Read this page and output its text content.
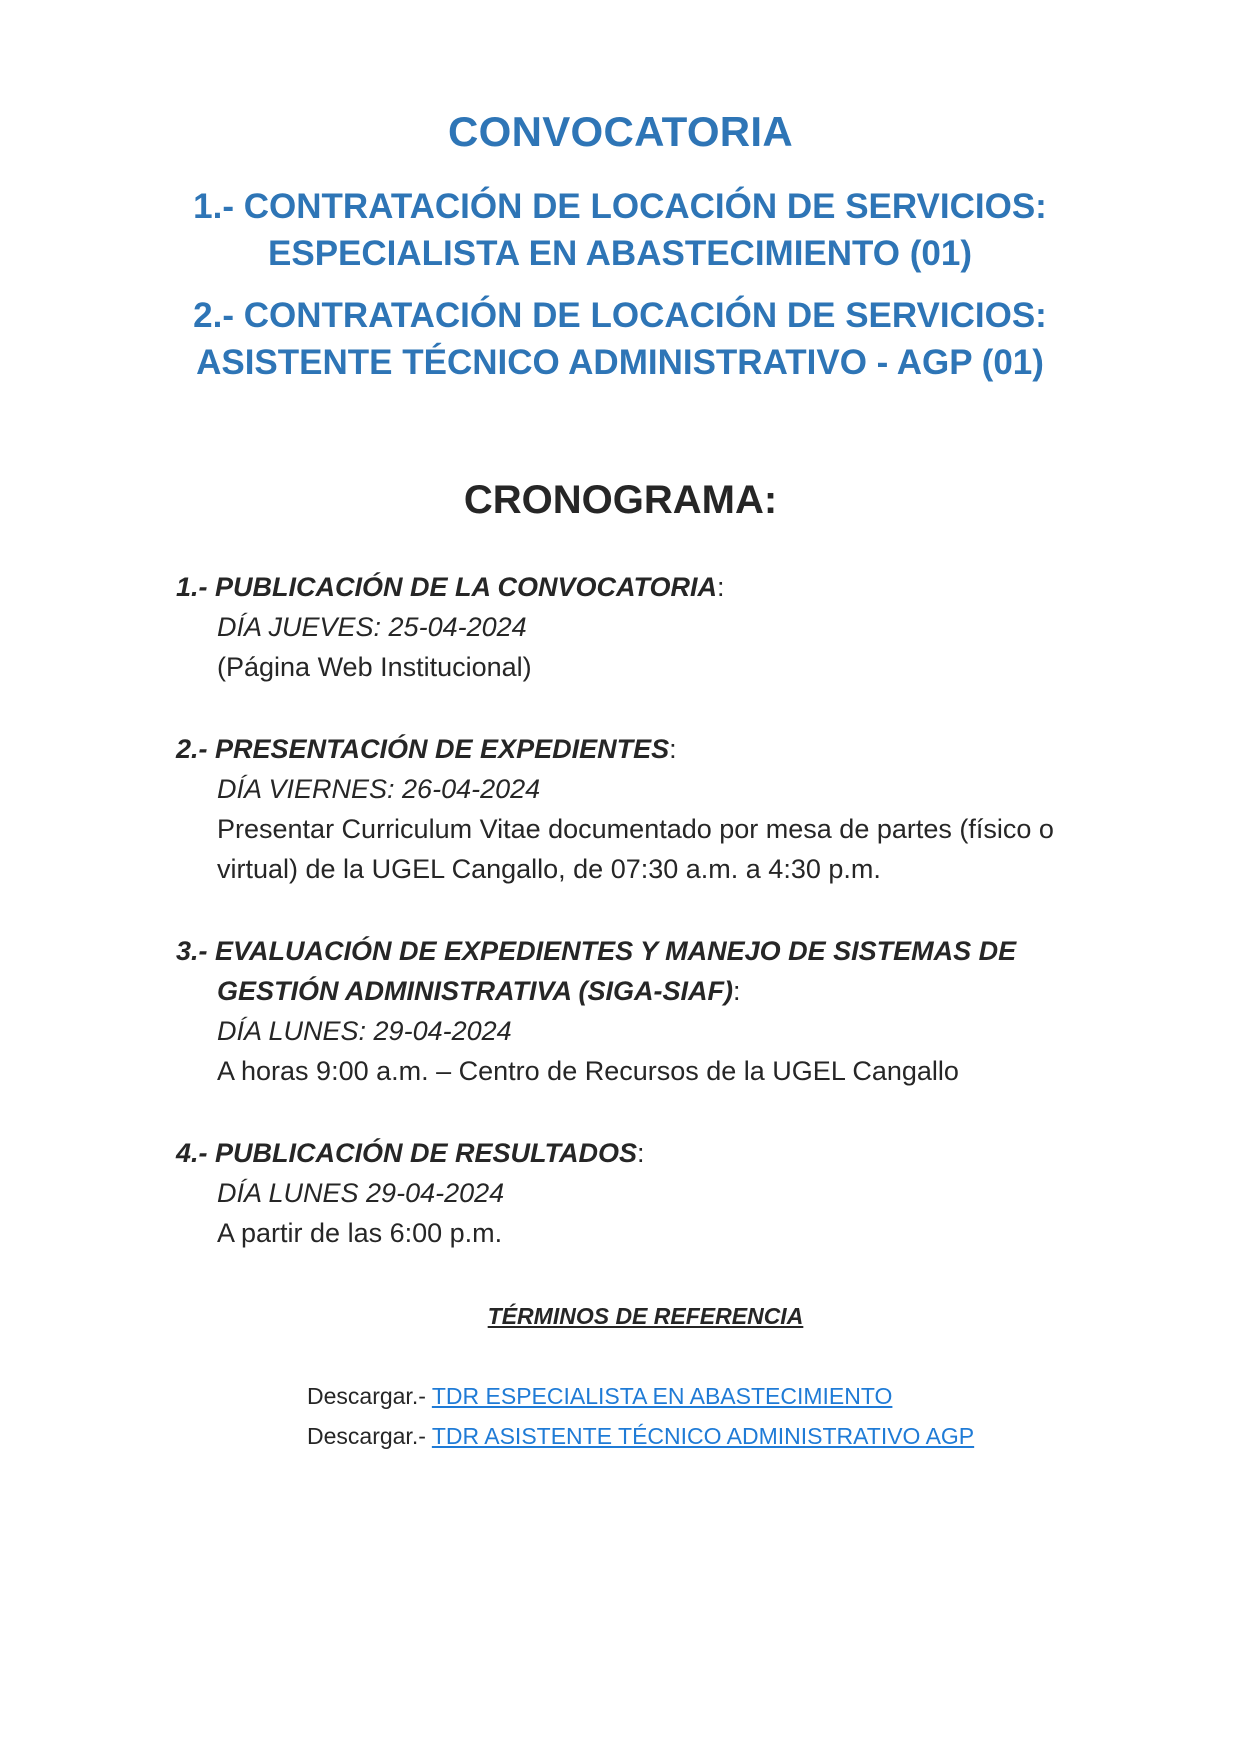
CONVOCATORIA
1.- CONTRATACIÓN DE LOCACIÓN DE SERVICIOS:
ESPECIALISTA EN ABASTECIMIENTO (01)
2.- CONTRATACIÓN DE LOCACIÓN DE SERVICIOS:
ASISTENTE TÉCNICO ADMINISTRATIVO - AGP (01)
CRONOGRAMA:
1.- PUBLICACIÓN DE LA CONVOCATORIA:
DÍA JUEVES: 25-04-2024
(Página Web Institucional)
2.- PRESENTACIÓN DE EXPEDIENTES:
DÍA VIERNES: 26-04-2024
Presentar Curriculum Vitae documentado por mesa de partes (físico o virtual) de la UGEL Cangallo, de 07:30 a.m. a 4:30 p.m.
3.- EVALUACIÓN DE EXPEDIENTES Y MANEJO DE SISTEMAS DE GESTIÓN ADMINISTRATIVA (SIGA-SIAF):
DÍA LUNES: 29-04-2024
A horas 9:00 a.m. – Centro de Recursos de la UGEL Cangallo
4.- PUBLICACIÓN DE RESULTADOS:
DÍA LUNES 29-04-2024
A partir de las 6:00 p.m.
TÉRMINOS DE REFERENCIA
Descargar.- TDR ESPECIALISTA EN ABASTECIMIENTO
Descargar.- TDR ASISTENTE TÉCNICO ADMINISTRATIVO AGP
